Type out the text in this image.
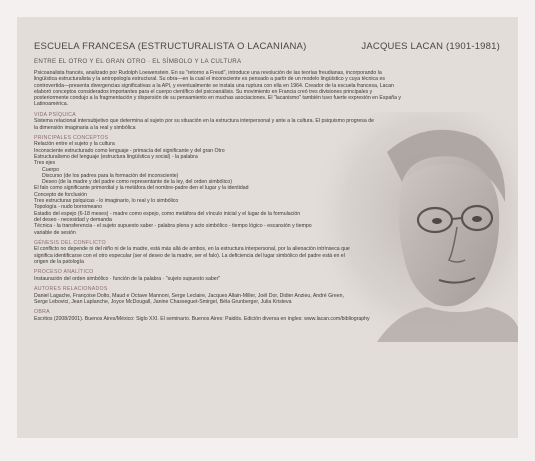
ESCUELA FRANCESA (ESTRUCTURALISTA O LACANIANA)	JACQUES LACAN (1901-1981)
ENTRE EL OTRO Y EL GRAN OTRO · EL SÍMBOLO Y LA CULTURA
Psicoanalista francés, analizado por Rudolph Loewenstein. En su "retorno a Freud", introduce una revolución de las teorías freudianas, incorporando la lingüística estructuralista y la antropología estructural. Su obra—en la cual el inconsciente es pensado a partir de un modelo lingüístico y cuya técnica es controvertida—presenta divergencias significativas a la API, y eventualmente se instala una ruptura con ella en 1964. Creador de la escuela francesa, Lacan elaboró conceptos considerados importantes para el cuerpo científico del psicoanálisis. Su movimiento en Francia creó tres divisiones principales y posteriormente condujo a la fragmentación y dispersión de su pensamiento en muchas asociaciones. El "lacanismo" también tuvo fuerte expresión en España y Latinoamérica.
VIDA PSÍQUICA
Sistema relacional intersubjetivo que determina al sujeto por su situación en la estructura interpersonal y ante a la cultura. El psiquismo progresa de la dimensión imaginaria a la real y simbólica
PRINCIPALES CONCEPTOS
Relación entre el sujeto y la cultura
Inconsciente estructurado como lenguaje - primacía del significante y del gran Otro
Estructuralismo del lenguaje (estructura lingüística y social) - la palabra
Tres ejes
Cuerpo
Discurso (de los padres para la formación del inconsciente)
Deseo (de la madre y del padre como representante de la ley, del orden simbólico)
El falo como significante primordial y la metáfora del nombre-padre den el lugar y la identidad
Concepto de forclusión
Tres estructuras psíquicas - lo imaginario, lo real y lo simbólico
Topología - nudo borromeano
Estadio del espejo (6-18 meses) - madre como espejo, como metáfora del vínculo inicial y el lugar de la formulación
del deseo - necesidad y demanda
Técnica - la transferencia - el sujeto supuesto saber - palabra plena y acto simbólico - tiempo lógico - escansión y tiempo
variable de sesión
GÉNESIS DEL CONFLICTO
El conflicto no depende ni del niño ni de la madre, está más allá de ambos, en la estructura interpersonal, por la alienación intrínseca que significa identificarse con el otro especular (ser el deseo de la madre, ser el falo). La deficiencia del lugar simbólico del padre está en el origen de la patología
PROCESO ANALÍTICO
Instauración del orden simbólico · función de la palabra · "sujeto supuesto saber"
AUTORES RELACIONADOS
Daniel Lagache, Françoise Dolto, Maud e Octave Mannoni, Serge Leclaire, Jacques Allain-Miller, Joël Dor, Didier Anzieu, André Green, Serge Lebovici, Jean Laplanche, Joyce McDougall, Janine Chasseguet-Smirgel, Béla Grunberger, Julia Kristeva
OBRA
Escritos (2008/2001). Buenos Aires/México: Siglo XXI. El seminario. Buenos Aires: Paidós. Edición diversa en ingles: www.lacan.com/bibliography
